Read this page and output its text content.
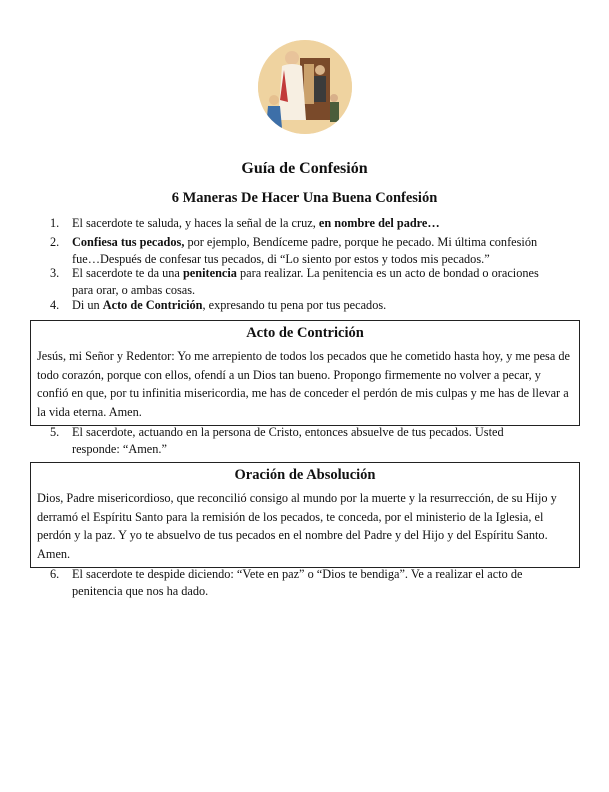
Guía de Confesión
6 Maneras De Hacer Una Buena Confesión
1.	El sacerdote te saluda, y haces la señal de la cruz, en nombre del padre…
2.	Confiesa tus pecados, por ejemplo, Bendíceme padre, porque he pecado. Mi última confesión fue…Después de confesar tus pecados, di “Lo siento por estos y todos mis pecados.”
3.	El sacerdote te da una penitencia para realizar. La penitencia es un acto de bondad o oraciones para orar, o ambas cosas.
4.	Di un Acto de Contrición, expresando tu pena por tus pecados.
Acto de Contrición

Jesús, mi Señor y Redentor: Yo me arrepiento de todos los pecados que he cometido hasta hoy, y me pesa de todo corazón, porque con ellos, ofendí a un Dios tan bueno. Propongo firmemente no volver a pecar, y confió en que, por tu infinitia misericordia, me has de conceder el perdón de mis culpas y me has de llevar a la vida eterna. Amen.

5.	El sacerdote, actuando en la persona de Cristo, entonces absuelve de tus pecados. Usted responde: “Amen.”
Oración de Absolución

Dios, Padre misericordioso, que reconcilió consigo al mundo por la muerte y la resurrección, de su Hijo y derramó el Espíritu Santo para la remisión de los pecados, te conceda, por el ministerio de la Iglesia, el perdón y la paz. Y yo te absuelvo de tus pecados en el nombre del Padre y del Hijo y del Espíritu Santo. Amen.

6.	El sacerdote te despide diciendo: “Vete en paz” o “Dios te bendiga”. Ve a realizar el acto de penitencia que nos ha dado.
